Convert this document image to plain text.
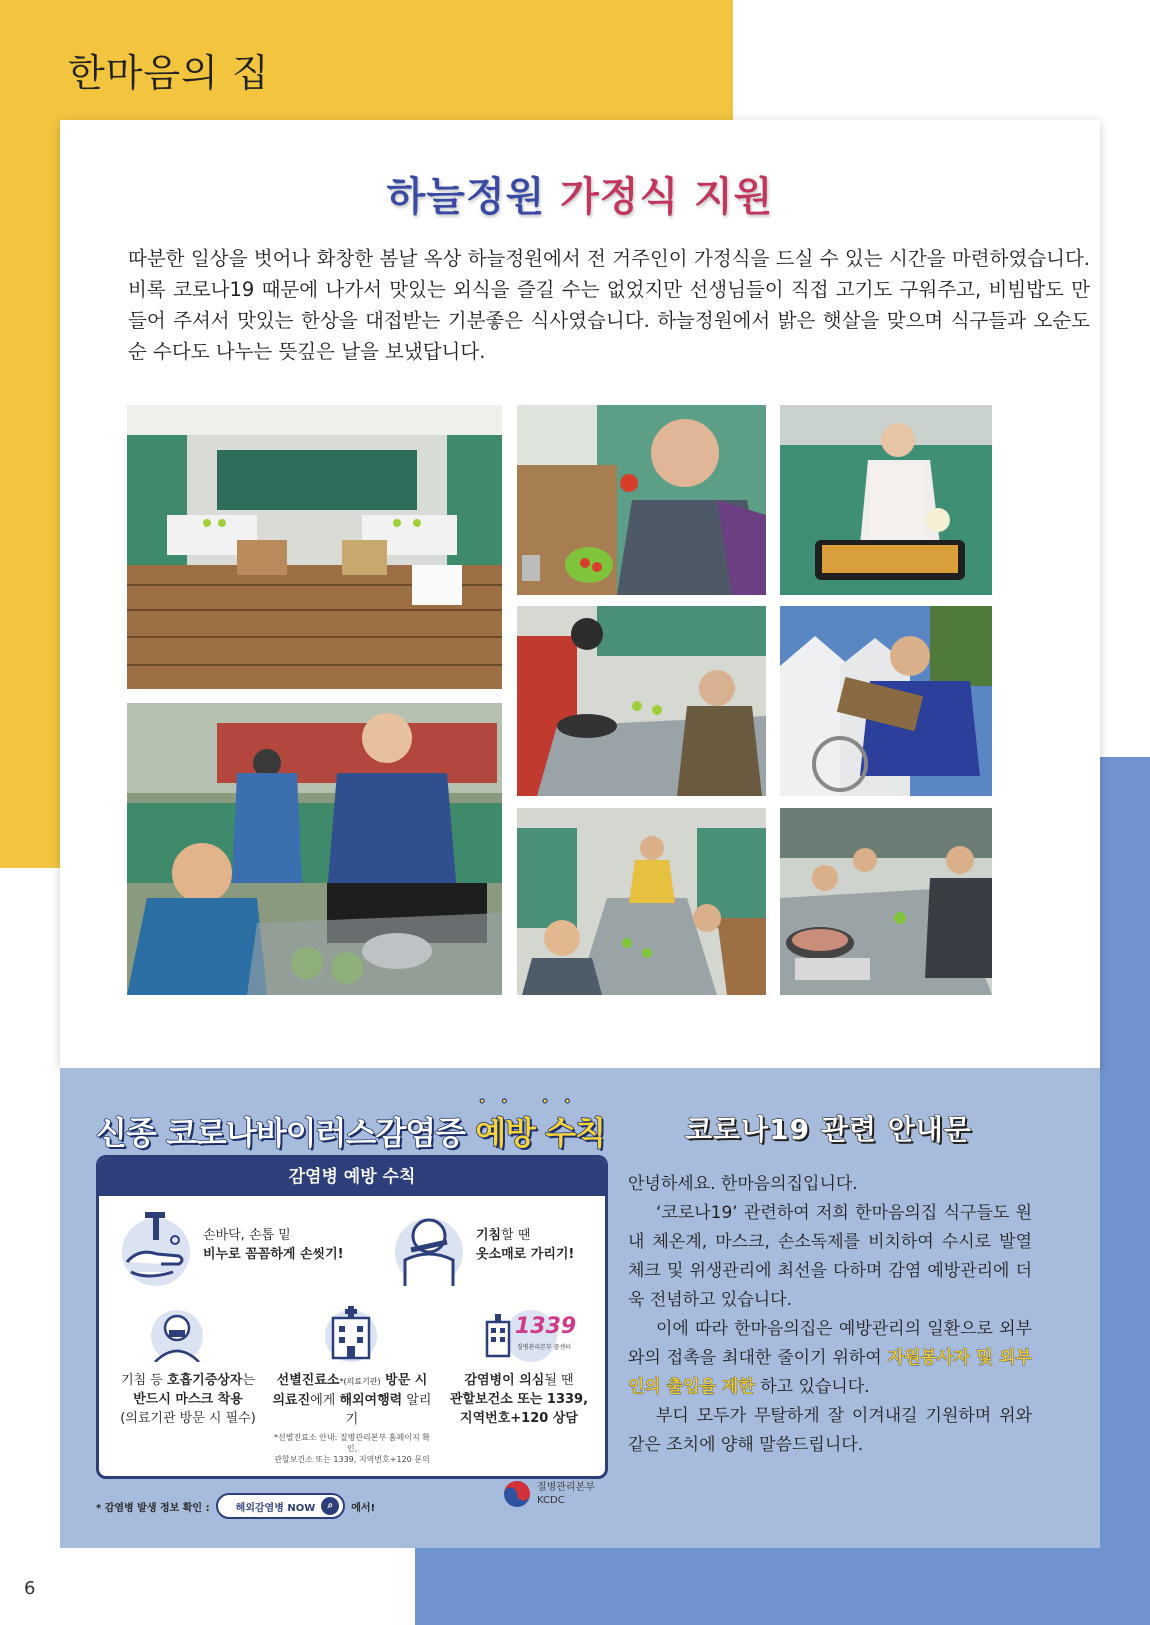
한마음의 집
하늘정원 가정식 지원

따분한 일상을 벗어나 화창한 봄날 옥상 하늘정원에서 전 거주인이 가정식을 드실 수 있는 시간을 마련하였습니다. 비록 코로나19 때문에 나가서 맛있는 외식을 즐길 수는 없었지만 선생님들이 직접 고기도 구워주고, 비빔밥도 만들어 주셔서 맛있는 한상을 대접받는 기분좋은 식사였습니다. 하늘정원에서 밝은 햇살을 맞으며 식구들과 오순도순 수다도 나누는 뜻깊은 날을 보냈답니다.

•• ••
신종 코로나바이러스감염증 예방 수칙
감염병 예방 수칙
손바닥, 손톱 밑
비누로 꼼꼼하게 손씻기!
기침할 땐
옷소매로 가리기!
기침 등 호흡기증상자는
반드시 마스크 착용
(의료기관 방문 시 필수)
선별진료소*(의료기관) 방문 시
의료진에게 해외여행력 알리기
*선별진료소 안내: 질병관리본부 홈페이지 확인,
관할보건소 또는 1339, 지역번호+120 문의
1339
질병관리본부 콜센터
감염병이 의심될 땐
관할보건소 또는 1339,
지역번호+120 상담
* 감염병 발생 정보 확인 :	해외감염병 NOW	⌕	에서!
질병관리본부
KCDC
코로나19 관련 안내문

안녕하세요. 한마음의집입니다.

‘코로나19’ 관련하여 저희 한마음의집 식구들도 원내 체온계, 마스크, 손소독제를 비치하여 수시로 발열체크 및 위생관리에 최선을 다하며 감염 예방관리에 더욱 전념하고 있습니다.

이에 따라 한마음의집은 예방관리의 일환으로 외부와의 접촉을 최대한 줄이기 위하여 자원봉사자 및 외부인의 출입을 제한 하고 있습니다.

부디 모두가 무탈하게 잘 이겨내길 기원하며 위와 같은 조치에 양해 말씀드립니다.

6
